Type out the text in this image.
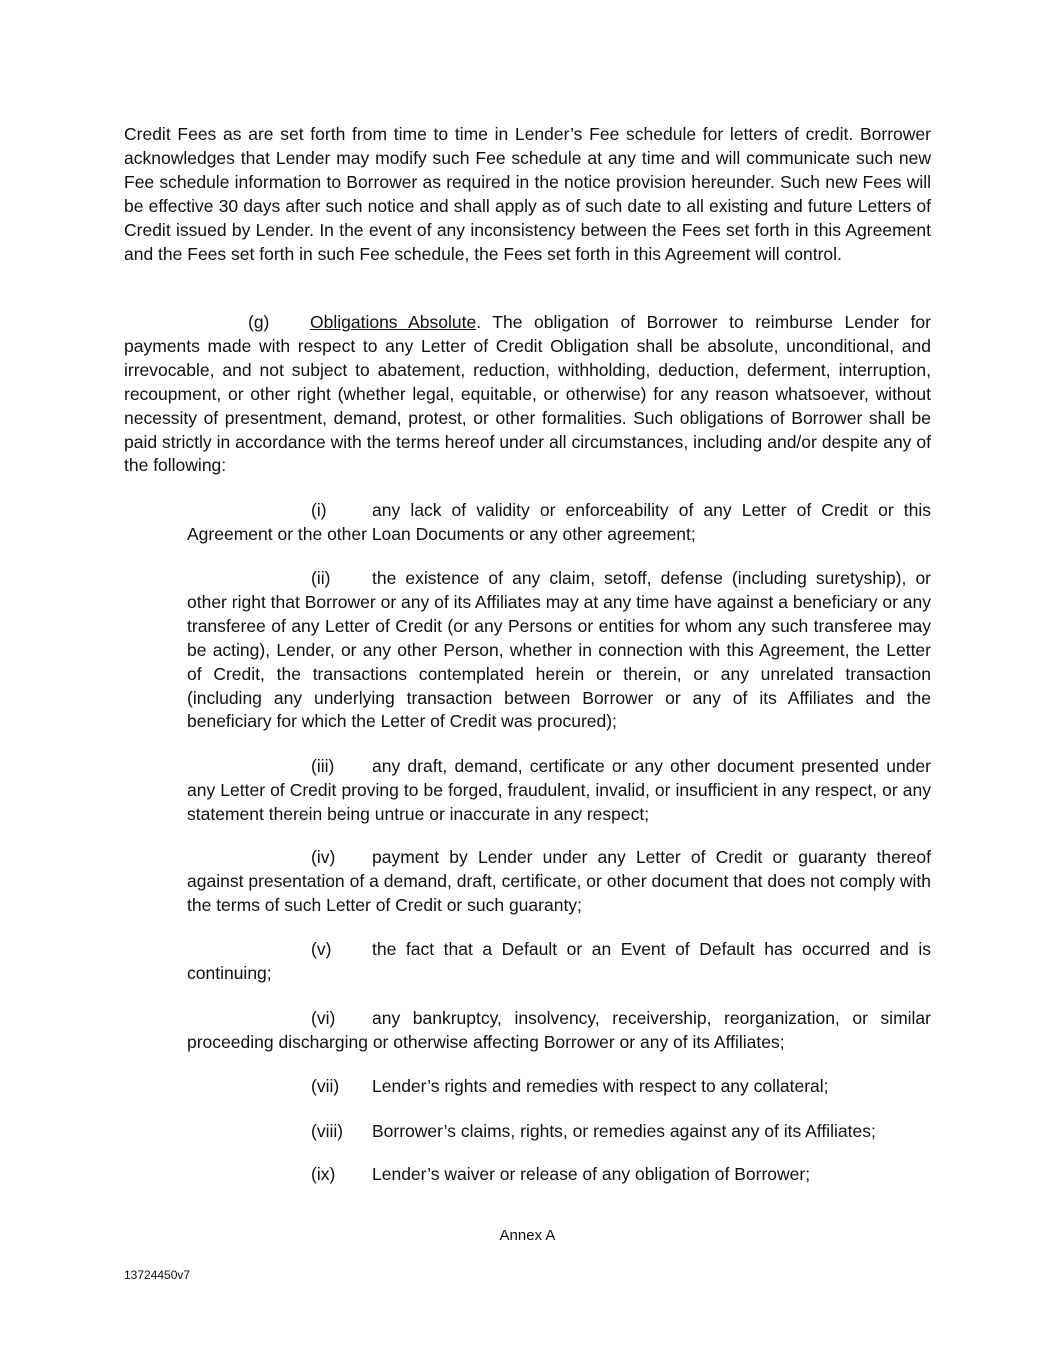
Credit Fees as are set forth from time to time in Lender’s Fee schedule for letters of credit. Borrower acknowledges that Lender may modify such Fee schedule at any time and will communicate such new Fee schedule information to Borrower as required in the notice provision hereunder. Such new Fees will be effective 30 days after such notice and shall apply as of such date to all existing and future Letters of Credit issued by Lender. In the event of any inconsistency between the Fees set forth in this Agreement and the Fees set forth in such Fee schedule, the Fees set forth in this Agreement will control.

(g) Obligations Absolute. The obligation of Borrower to reimburse Lender for payments made with respect to any Letter of Credit Obligation shall be absolute, unconditional, and irrevocable, and not subject to abatement, reduction, withholding, deduction, deferment, interruption, recoupment, or other right (whether legal, equitable, or otherwise) for any reason whatsoever, without necessity of presentment, demand, protest, or other formalities. Such obligations of Borrower shall be paid strictly in accordance with the terms hereof under all circumstances, including and/or despite any of the following:

(i)	any lack of validity or enforceability of any Letter of Credit or this Agreement or the other Loan Documents or any other agreement;

(ii) the existence of any claim, setoff, defense (including suretyship), or other right that Borrower or any of its Affiliates may at any time have against a beneficiary or any transferee of any Letter of Credit (or any Persons or entities for whom any such transferee may be acting), Lender, or any other Person, whether in connection with this Agreement, the Letter of Credit, the transactions contemplated herein or therein, or any unrelated transaction (including any underlying transaction between Borrower or any of its Affiliates and the beneficiary for which the Letter of Credit was procured);

(iii) any draft, demand, certificate or any other document presented under any Letter of Credit proving to be forged, fraudulent, invalid, or insufficient in any respect, or any statement therein being untrue or inaccurate in any respect;

(iv) payment by Lender under any Letter of Credit or guaranty thereof against presentation of a demand, draft, certificate, or other document that does not comply with the terms of such Letter of Credit or such guaranty;

(v) the fact that a Default or an Event of Default has occurred and is continuing;

(vi) any bankruptcy, insolvency, receivership, reorganization, or similar proceeding discharging or otherwise affecting Borrower or any of its Affiliates;

(vii) Lender’s rights and remedies with respect to any collateral;

(viii) Borrower’s claims, rights, or remedies against any of its Affiliates;

(ix) Lender’s waiver or release of any obligation of Borrower;

Annex A
13724450v7
